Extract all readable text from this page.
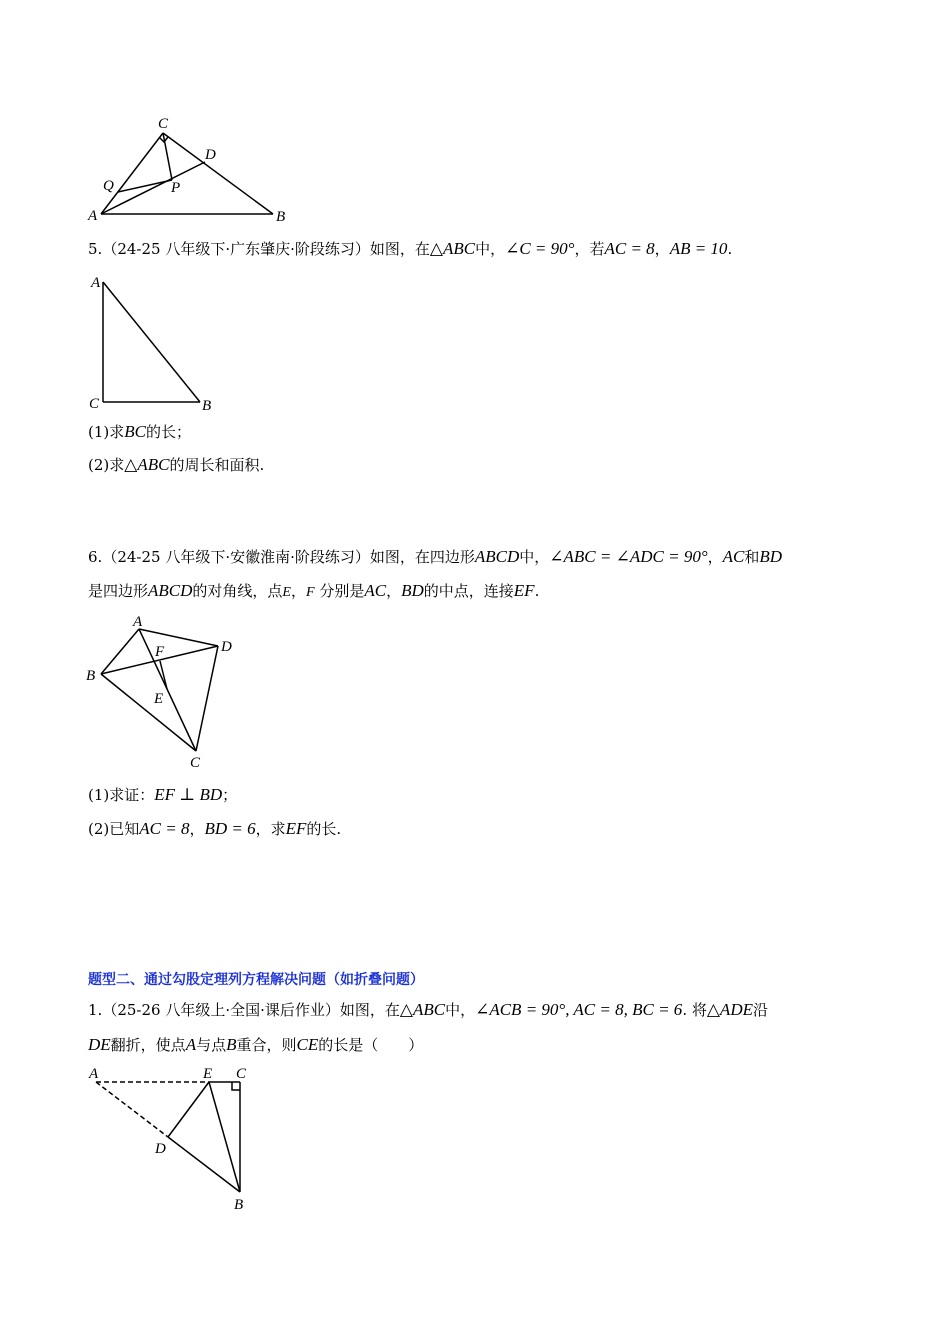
C
D
Q	P
A	B
5.（24-25 八年级下·广东肇庆·阶段练习）如图，在△ABC中，∠C = 90°，若AC = 8，AB = 10.
A
C	B
(1)求BC的长；
(2)求△ABC的周长和面积.
6.（24-25 八年级下·安徽淮南·阶段练习）如图，在四边形ABCD中，∠ABC = ∠ADC = 90°，AC和BD
是四边形ABCD的对角线，点E，F 分别是AC，BD的中点，连接EF.
A
D
F
B
E
C
(1)求证：EF ⊥ BD；
(2)已知AC = 8，BD = 6，求EF的长.
题型二、通过勾股定理列方程解决问题（如折叠问题）
1.（25-26 八年级上·全国·课后作业）如图，在△ABC中，∠ACB = 90°, AC = 8, BC = 6. 将△ADE沿
DE翻折，使点A与点B重合，则CE的长是（　　）
A	E C
D
B
